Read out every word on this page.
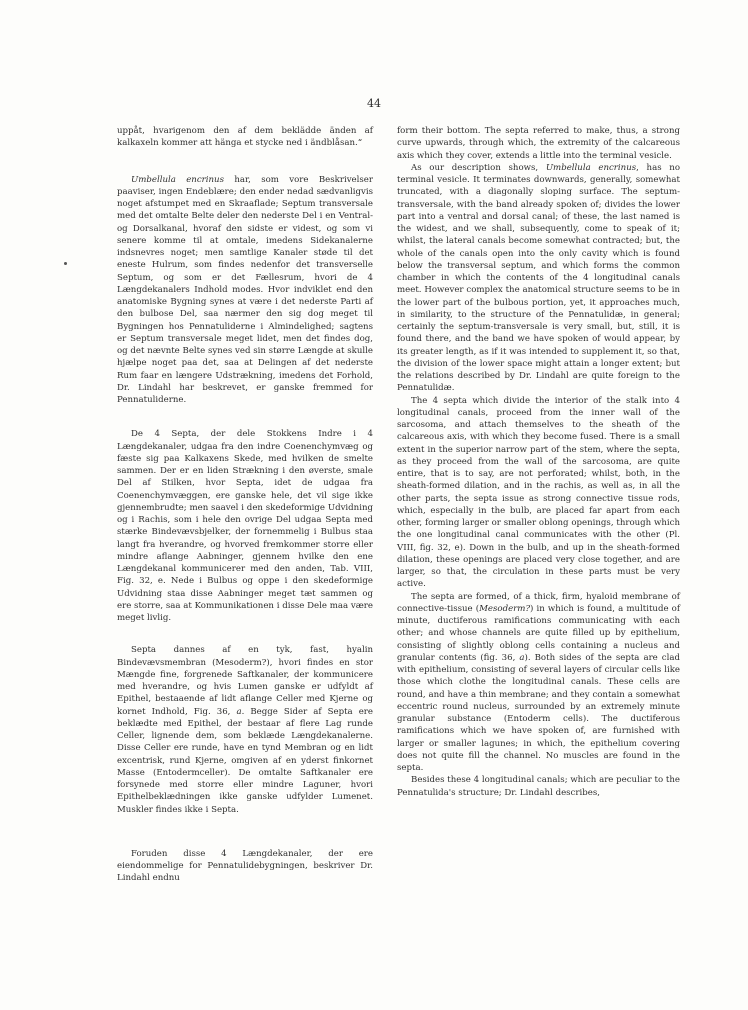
44

uppåt, hvarigenom den af dem beklädde änden af kalkaxeln kommer att hänga et stycke ned i ändblåsan.“

Umbellula encrinus har, som vore Beskrivelser paaviser, ingen Endeblære; den ender nedad sædvanligvis noget afstumpet med en Skraaflade; Septum transversale med det omtalte Belte deler den nederste Del i en Ventral- og Dorsalkanal, hvoraf den sidste er videst, og som vi senere komme til at omtale, imedens Sidekanalerne indsnevres noget; men samtlige Kanaler støde til det eneste Hulrum, som findes nedenfor det transverselle Septum, og som er det Fællesrum, hvori de 4 Længdekanalers Indhold modes. Hvor indviklet end den anatomiske Bygning synes at være i det nederste Parti af den bulbose Del, saa nærmer den sig dog meget til Bygningen hos Pennatuliderne i Almindelighed; sagtens er Septum transversale meget lidet, men det findes dog, og det nævnte Belte synes ved sin større Længde at skulle hjælpe noget paa det, saa at Delingen af det nederste Rum faar en længere Udstrækning, imedens det Forhold, Dr. Lindahl har beskrevet, er ganske fremmed for Pennatuliderne.

De 4 Septa, der dele Stokkens Indre i 4 Længdekanaler, udgaa fra den indre Coenenchymvæg og fæste sig paa Kalkaxens Skede, med hvilken de smelte sammen. Der er en liden Strækning i den øverste, smale Del af Stilken, hvor Septa, idet de udgaa fra Coenenchymvæggen, ere ganske hele, det vil sige ikke gjennembrudte; men saavel i den skedeformige Udvidning og i Rachis, som i hele den ovrige Del udgaa Septa med stærke Bindevævsbjelker, der fornemmelig i Bulbus staa langt fra hverandre, og hvorved fremkommer storre eller mindre aflange Aabninger, gjennem hvilke den ene Længdekanal kommunicerer med den anden, Tab. VIII, Fig. 32, e. Nede i Bulbus og oppe i den skedeformige Udvidning staa disse Aabninger meget tæt sammen og ere storre, saa at Kommunikationen i disse Dele maa være meget livlig.

Septa dannes af en tyk, fast, hyalin Bindevævsmembran (Mesoderm?), hvori findes en stor Mængde fine, forgrenede Saftkanaler, der kommunicere med hverandre, og hvis Lumen ganske er udfyldt af Epithel, bestaaende af lidt aflange Celler med Kjerne og kornet Indhold, Fig. 36, a. Begge Sider af Septa ere beklædte med Epithel, der bestaar af flere Lag runde Celler, lignende dem, som beklæde Længdekanalerne. Disse Celler ere runde, have en tynd Membran og en lidt excentrisk, rund Kjerne, omgiven af en yderst finkornet Masse (Entodermceller). De omtalte Saftkanaler ere forsynede med storre eller mindre Laguner, hvori Epithelbeklædningen ikke ganske udfylder Lumenet. Muskler findes ikke i Septa.

Foruden disse 4 Længdekanaler, der ere eiendommelige for Pennatulidebygningen, beskriver Dr. Lindahl endnu

form their bottom. The septa referred to make, thus, a strong curve upwards, through which, the extremity of the calcareous axis which they cover, extends a little into the terminal vesicle.

As our description shows, Umbellula encrinus, has no terminal vesicle. It terminates downwards, generally, somewhat truncated, with a diagonally sloping surface. The septum-transversale, with the band already spoken of; divides the lower part into a ventral and dorsal canal; of these, the last named is the widest, and we shall, subsequently, come to speak of it; whilst, the lateral canals become somewhat contracted; but, the whole of the canals open into the only cavity which is found below the transversal septum, and which forms the common chamber in which the contents of the 4 longitudinal canals meet. However complex the anatomical structure seems to be in the lower part of the bulbous portion, yet, it approaches much, in similarity, to the structure of the Pennatulidæ, in general; certainly the septum-transversale is very small, but, still, it is found there, and the band we have spoken of would appear, by its greater length, as if it was intended to supplement it, so that, the division of the lower space might attain a longer extent; but the relations described by Dr. Lindahl are quite foreign to the Pennatulidæ.

The 4 septa which divide the interior of the stalk into 4 longitudinal canals, proceed from the inner wall of the sarcosoma, and attach themselves to the sheath of the calcareous axis, with which they become fused. There is a small extent in the superior narrow part of the stem, where the septa, as they proceed from the wall of the sarcosoma, are quite entire, that is to say, are not perforated; whilst, both, in the sheath-formed dilation, and in the rachis, as well as, in all the other parts, the septa issue as strong connective tissue rods, which, especially in the bulb, are placed far apart from each other, forming larger or smaller oblong openings, through which the one longitudinal canal communicates with the other (Pl. VIII, fig. 32, e). Down in the bulb, and up in the sheath-formed dilation, these openings are placed very close together, and are larger, so that, the circulation in these parts must be very active.

The septa are formed, of a thick, firm, hyaloid membrane of connective-tissue (Mesoderm?) in which is found, a multitude of minute, ductiferous ramifications communicating with each other; and whose channels are quite filled up by epithelium, consisting of slightly oblong cells containing a nucleus and granular contents (fig. 36, a). Both sides of the septa are clad with epithelium, consisting of several layers of circular cells like those which clothe the longitudinal canals. These cells are round, and have a thin membrane; and they contain a somewhat eccentric round nucleus, surrounded by an extremely minute granular substance (Entoderm cells). The ductiferous ramifications which we have spoken of, are furnished with larger or smaller lagunes; in which, the epithelium covering does not quite fill the channel. No muscles are found in the septa.

Besides these 4 longitudinal canals; which are peculiar to the Pennatulida's structure; Dr. Lindahl describes,
